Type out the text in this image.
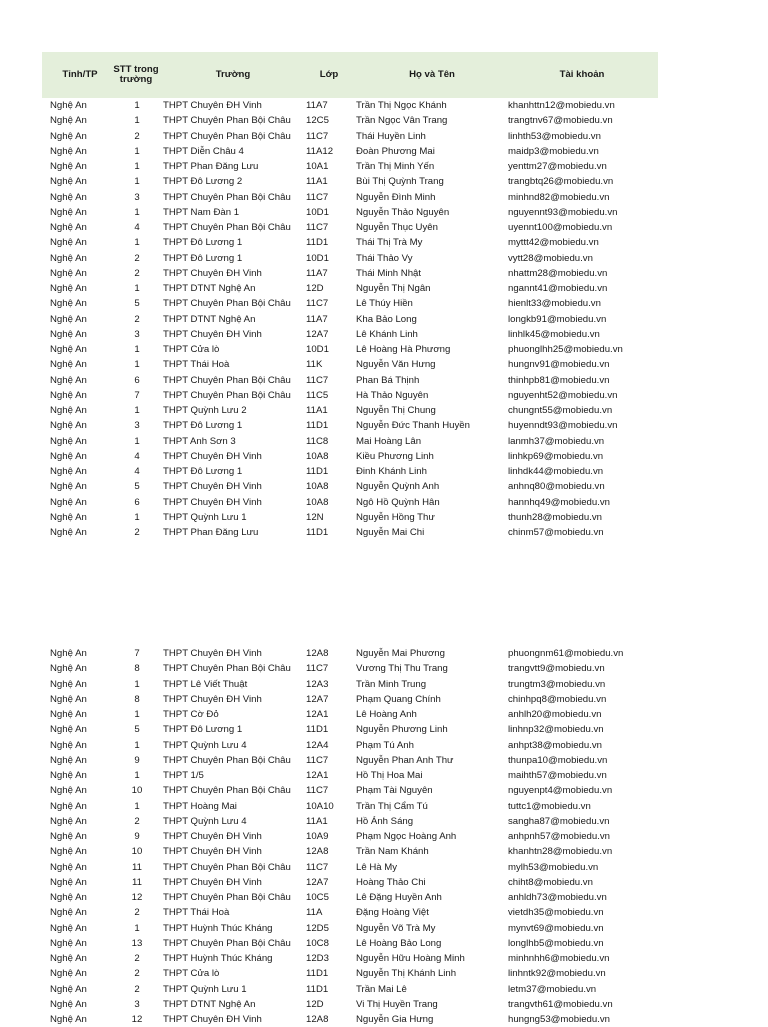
Tỉnh/TP	STT trong trường	Trường	Lớp	Họ và Tên	Tài khoản
Nghệ An	1	THPT Chuyên ĐH Vinh	11A7	Trần Thị Ngọc Khánh	khanhttn12@mobiedu.vn
Nghệ An	1	THPT Chuyên Phan Bội Châu 12C5	Trần Ngọc Vân Trang	trangtnv67@mobiedu.vn
Nghệ An	2	THPT Chuyên Phan Bội Châu 11C7	Thái Huyền Linh	linhth53@mobiedu.vn
Nghệ An	1	THPT Diễn Châu 4	11A12 Đoàn Phương Mai	maidp3@mobiedu.vn
Nghệ An	1	THPT Phan Đăng Lưu	10A1	Trần Thị Minh Yến	yenttm27@mobiedu.vn
Nghệ An	1	THPT Đô Lương 2	11A1	Bùi Thị Quỳnh Trang	trangbtq26@mobiedu.vn
Nghệ An	3	THPT Chuyên Phan Bội Châu 11C7	Nguyễn Đình Minh	minhnd82@mobiedu.vn
Nghệ An	1	THPT Nam Đàn 1	10D1	Nguyễn Thảo Nguyên	nguyennt93@mobiedu.vn
Nghệ An	4	THPT Chuyên Phan Bội Châu 11C7	Nguyễn Thục Uyên	uyennt100@mobiedu.vn
Nghệ An	1	THPT Đô Lương 1	11D1	Thái Thị Trà My	myttt42@mobiedu.vn
Nghệ An	2	THPT Đô Lương 1	10D1	Thái Thảo Vy	vytt28@mobiedu.vn
Nghệ An	2	THPT Chuyên ĐH Vinh	11A7	Thái Minh Nhật	nhattm28@mobiedu.vn
Nghệ An	1	THPT DTNT Nghệ An	12D	Nguyễn Thị Ngân	ngannt41@mobiedu.vn
Nghệ An	5	THPT Chuyên Phan Bội Châu 11C7	Lê Thúy Hiền	hienlt33@mobiedu.vn
Nghệ An	2	THPT DTNT Nghệ An	11A7	Kha Bảo Long	longkb91@mobiedu.vn
Nghệ An	3	THPT Chuyên ĐH Vinh	12A7	Lê Khánh Linh	linhlk45@mobiedu.vn
Nghệ An	1	THPT Cửa lò	10D1	Lê Hoàng Hà Phương	phuonglhh25@mobiedu.vn
Nghệ An	1	THPT Thái Hoà	11K	Nguyễn Văn Hưng	hungnv91@mobiedu.vn
Nghệ An	6	THPT Chuyên Phan Bội Châu 11C7	Phan Bá Thịnh	thinhpb81@mobiedu.vn
Nghệ An	7	THPT Chuyên Phan Bội Châu 11C5	Hà Thảo Nguyên	nguyenht52@mobiedu.vn
Nghệ An	1	THPT Quỳnh Lưu 2	11A1	Nguyễn Thị Chung	chungnt55@mobiedu.vn
Nghệ An	3	THPT Đô Lương 1	11D1	Nguyễn Đức Thanh Huyền	huyenndt93@mobiedu.vn
Nghệ An	1	THPT Anh Sơn 3	11C8	Mai Hoàng Lân	lanmh37@mobiedu.vn
Nghệ An	4	THPT Chuyên ĐH Vinh	10A8	Kiều Phương Linh	linhkp69@mobiedu.vn
Nghệ An	4	THPT Đô Lương 1	11D1	Đinh Khánh Linh	linhdk44@mobiedu.vn
Nghệ An	5	THPT Chuyên ĐH Vinh	10A8	Nguyễn Quỳnh Anh	anhnq80@mobiedu.vn
Nghệ An	6	THPT Chuyên ĐH Vinh	10A8	Ngô Hồ Quỳnh Hân	hannhq49@mobiedu.vn
Nghệ An	1	THPT Quỳnh Lưu 1	12N	Nguyễn Hồng Thư	thunh28@mobiedu.vn
Nghệ An	2	THPT Phan Đăng Lưu	11D1	Nguyễn Mai Chi	chinm57@mobiedu.vn
Nghệ An	7	THPT Chuyên ĐH Vinh	12A8	Nguyễn Mai Phương	phuongnm61@mobiedu.vn
Nghệ An	8	THPT Chuyên Phan Bội Châu 11C7	Vương Thị Thu Trang	trangvtt9@mobiedu.vn
Nghệ An	1	THPT Lê Viết Thuật	12A3	Trần Minh Trung	trungtm3@mobiedu.vn
Nghệ An	8	THPT Chuyên ĐH Vinh	12A7	Phạm Quang Chính	chinhpq8@mobiedu.vn
Nghệ An	1	THPT Cờ Đỏ	12A1	Lê Hoàng Anh	anhlh20@mobiedu.vn
Nghệ An	5	THPT Đô Lương 1	11D1	Nguyễn Phương Linh	linhnp32@mobiedu.vn
Nghệ An	1	THPT Quỳnh Lưu 4	12A4	Phạm Tú Anh	anhpt38@mobiedu.vn
Nghệ An	9	THPT Chuyên Phan Bội Châu 11C7	Nguyễn Phan Anh Thư	thunpa10@mobiedu.vn
Nghệ An	1	THPT 1/5	12A1	Hồ Thị Hoa Mai	maihth57@mobiedu.vn
Nghệ An	10	THPT Chuyên Phan Bội Châu 11C7	Phạm Tài Nguyên	nguyenpt4@mobiedu.vn
Nghệ An	1	THPT Hoàng Mai	10A10 Trần Thị Cẩm Tú	tuttc1@mobiedu.vn
Nghệ An	2	THPT Quỳnh Lưu 4	11A1	Hồ Ánh Sáng	sangha87@mobiedu.vn
Nghệ An	9	THPT Chuyên ĐH Vinh	10A9	Phạm Ngọc Hoàng Anh	anhpnh57@mobiedu.vn
Nghệ An	10	THPT Chuyên ĐH Vinh	12A8	Trần Nam Khánh	khanhtn28@mobiedu.vn
Nghệ An	11	THPT Chuyên Phan Bội Châu 11C7	Lê Hà My	mylh53@mobiedu.vn
Nghệ An	11	THPT Chuyên ĐH Vinh	12A7	Hoàng Thảo Chi	chiht8@mobiedu.vn
Nghệ An	12	THPT Chuyên Phan Bội Châu 10C5	Lê Đặng Huyền Anh	anhldh73@mobiedu.vn
Nghệ An	2	THPT Thái Hoà	11A	Đặng Hoàng Việt	vietdh35@mobiedu.vn
Nghệ An	1	THPT Huỳnh Thúc Kháng	12D5	Nguyễn Võ Trà My	mynvt69@mobiedu.vn
Nghệ An	13	THPT Chuyên Phan Bội Châu 10C8	Lê Hoàng Bảo Long	longlhb5@mobiedu.vn
Nghệ An	2	THPT Huỳnh Thúc Kháng	12D3	Nguyễn Hữu Hoàng Minh	minhnhh6@mobiedu.vn
Nghệ An	2	THPT Cửa lò	11D1	Nguyễn Thị Khánh Linh	linhntk92@mobiedu.vn
Nghệ An	2	THPT Quỳnh Lưu 1	11D1	Trần Mai Lê	letm37@mobiedu.vn
Nghệ An	3	THPT DTNT Nghệ An	12D	Vi Thị Huyền Trang	trangvth61@mobiedu.vn
Nghệ An	12	THPT Chuyên ĐH Vinh	12A8	Nguyễn Gia Hưng	hungng53@mobiedu.vn
